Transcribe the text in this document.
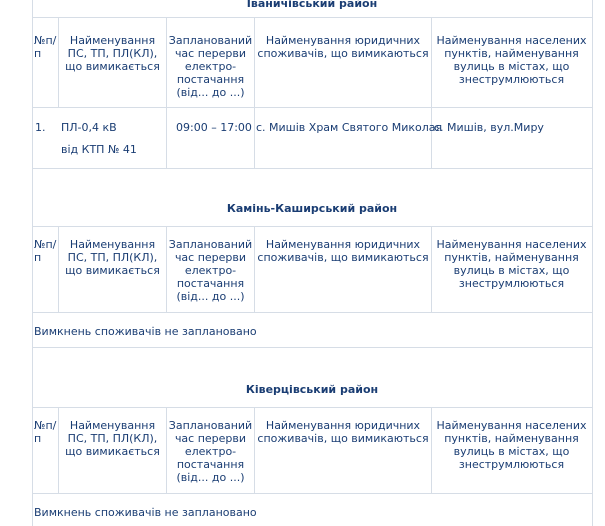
Іваничівський район
№п/п
Найменування ПС, ТП, ПЛ(КЛ), що вимикається
Запланований час перерви електро-постачання (від... до ...)
Найменування юридичних споживачів, що вимикаються
Найменування населених пунктів, найменування вулиць в містах, що знеструмлюються
1. ПЛ-0,4 кВ
від КТП № 41
09:00 – 17:00 с. Мишів Храм Святого Миколая
с. Мишів, вул.Миру
Камінь-Каширський район
№п/п
Найменування ПС, ТП, ПЛ(КЛ), що вимикається
Запланований час перерви електро-постачання (від... до ...)
Найменування юридичних споживачів, що вимикаються
Найменування населених пунктів, найменування вулиць в містах, що знеструмлюються
Вимкнень споживачів не заплановано
Ківерцівський район
№п/п
Найменування ПС, ТП, ПЛ(КЛ), що вимикається
Запланований час перерви електро-постачання (від... до ...)
Найменування юридичних споживачів, що вимикаються
Найменування населених пунктів, найменування вулиць в містах, що знеструмлюються
Вимкнень споживачів не заплановано
